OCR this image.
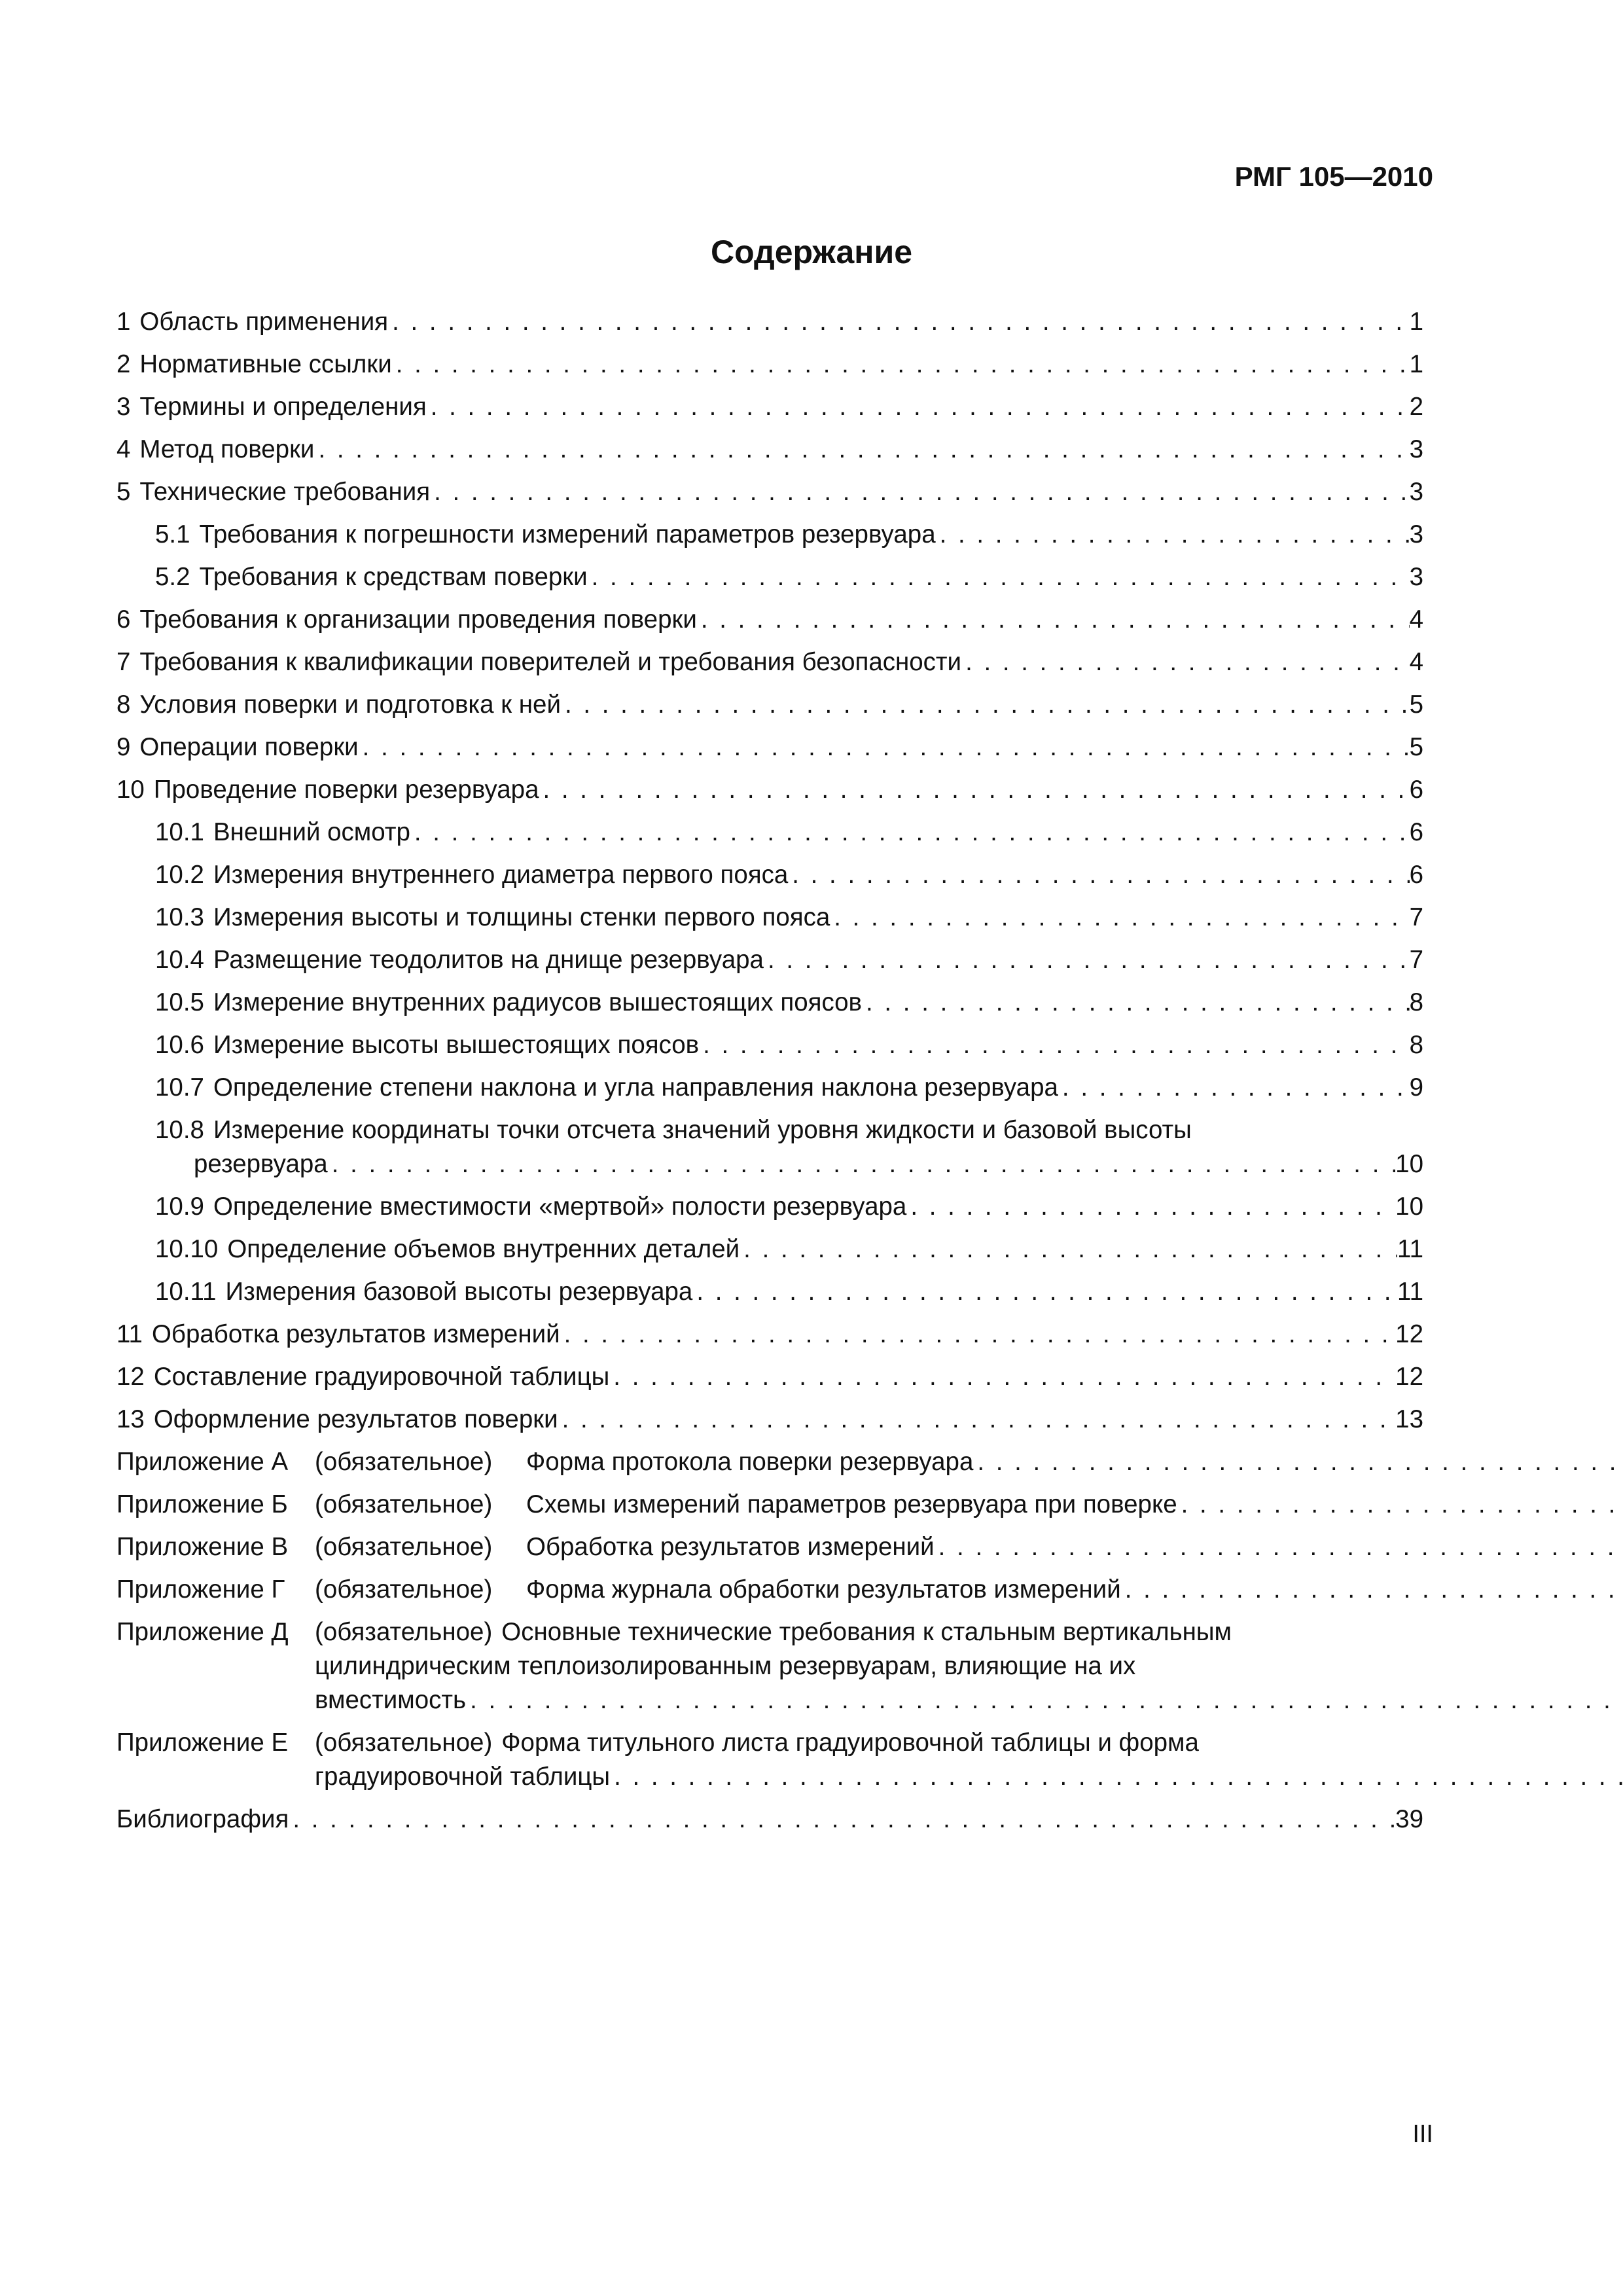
РМГ 105—2010
Содержание
1 Область применения . . .	1
2 Нормативные ссылки . . .	1
3 Термины и определения . . .	2
4 Метод поверки . . .	3
5 Технические требования . . .	3
5.1 Требования к погрешности измерений параметров резервуара . . .	3
5.2 Требования к средствам поверки . . .	3
6 Требования к организации проведения поверки . . .	4
7 Требования к квалификации поверителей и требования безопасности . . .	4
8 Условия поверки и подготовка к ней . . .	5
9 Операции поверки . . .	5
10 Проведение поверки резервуара . . .	6
10.1 Внешний осмотр . . .	6
10.2 Измерения внутреннего диаметра первого пояса . . .	6
10.3 Измерения высоты и толщины стенки первого пояса . . .	7
10.4 Размещение теодолитов на днище резервуара . . .	7
10.5 Измерение внутренних радиусов вышестоящих поясов . . .	8
10.6 Измерение высоты вышестоящих поясов . . .	8
10.7 Определение степени наклона и угла направления наклона резервуара . . .	9
10.8 Измерение координаты точки отсчета значений уровня жидкости и базовой высоты
резервуара . . .	10
10.9 Определение вместимости «мертвой» полости резервуара . . .	10
10.10 Определение объемов внутренних деталей . . .	11
10.11 Измерения базовой высоты резервуара . . .	11
11 Обработка результатов измерений . . .	12
12 Составление градуировочной таблицы . . .	12
13 Оформление результатов поверки . . .	13
Приложение А	(обязательное)	Форма протокола поверки резервуара
. . .
Приложение Б	(обязательное)	Схемы измерений параметров резервуара при поверке
. . .
Приложение В	(обязательное)	Обработка результатов измерений
. . .
Приложение Г	(обязательное)	Форма журнала обработки результатов измерений
. . .
Приложение Д	(обязательное) Основные технические требования к стальным вертикальным
цилиндрическим теплоизолированным резервуарам, влияющие на их
вместимость
. . .
Приложение Е	(обязательное) Форма титульного листа градуировочной таблицы и форма
градуировочной таблицы
. . .
Библиография . . .	39
III
